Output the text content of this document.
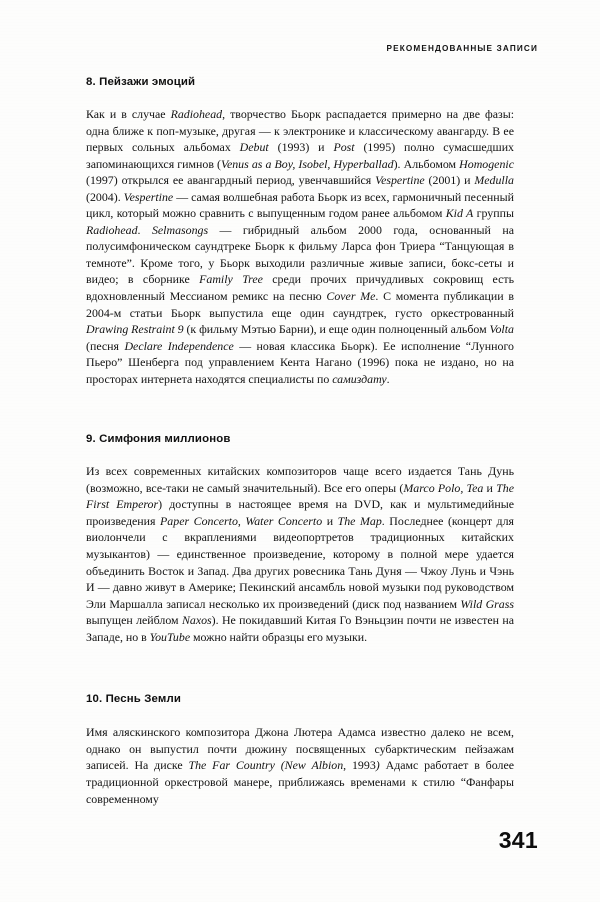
РЕКОМЕНДОВАННЫЕ ЗАПИСИ
8. Пейзажи эмоций

Как и в случае Radiohead, творчество Бьорк распадается примерно на две фазы: одна ближе к поп-музыке, другая — к электронике и классическому авангарду. В ее первых сольных альбомах Debut (1993) и Post (1995) полно сумасшедших запоминающихся гимнов (Venus as a Boy, Isobel, Hyperballad). Альбомом Homogenic (1997) открылся ее авангардный период, увенчавшийся Vespertine (2001) и Medulla (2004). Vespertine — самая волшебная работа Бьорк из всех, гармоничный песенный цикл, который можно сравнить с выпущенным годом ранее альбомом Kid A группы Radiohead. Selmasongs — гибридный альбом 2000 года, основанный на полусимфоническом саундтреке Бьорк к фильму Ларса фон Триера “Танцующая в темноте”. Кроме того, у Бьорк выходили различные живые записи, бокс-сеты и видео; в сборнике Family Tree среди прочих причудливых сокровищ есть вдохновленный Мессианом ремикс на песню Cover Me. С момента публикации в 2004-м статьи Бьорк выпустила еще один саундтрек, густо оркестрованный Drawing Restraint 9 (к фильму Мэтью Барни), и еще один полноценный альбом Volta (песня Declare Independence — новая классика Бьорк). Ее исполнение “Лунного Пьеро” Шенберга под управлением Кента Нагано (1996) пока не издано, но на просторах интернета находятся специалисты по самиздату.

9. Симфония миллионов

Из всех современных китайских композиторов чаще всего издается Тань Дунь (возможно, все-таки не самый значительный). Все его оперы (Marco Polo, Tea и The First Emperor) доступны в настоящее время на DVD, как и мультимедийные произведения Paper Concerto, Water Concerto и The Map. Последнее (концерт для виолончели с вкраплениями видеопортретов традиционных китайских музыкантов) — единственное произведение, которому в полной мере удается объединить Восток и Запад. Два других ровесника Тань Дуня — Чжоу Лунь и Чэнь И — давно живут в Америке; Пекинский ансамбль новой музыки под руководством Эли Маршалла записал несколько их произведений (диск под названием Wild Grass выпущен лейблом Naxos). Не покидавший Китая Го Вэньцзин почти не известен на Западе, но в YouTube можно найти образцы его музыки.

10. Песнь Земли

Имя аляскинского композитора Джона Лютера Адамса известно далеко не всем, однако он выпустил почти дюжину посвященных субарктическим пейзажам записей. На диске The Far Country (New Albion, 1993) Адамс работает в более традиционной оркестровой манере, приближаясь временами к стилю “Фанфары современному

341
